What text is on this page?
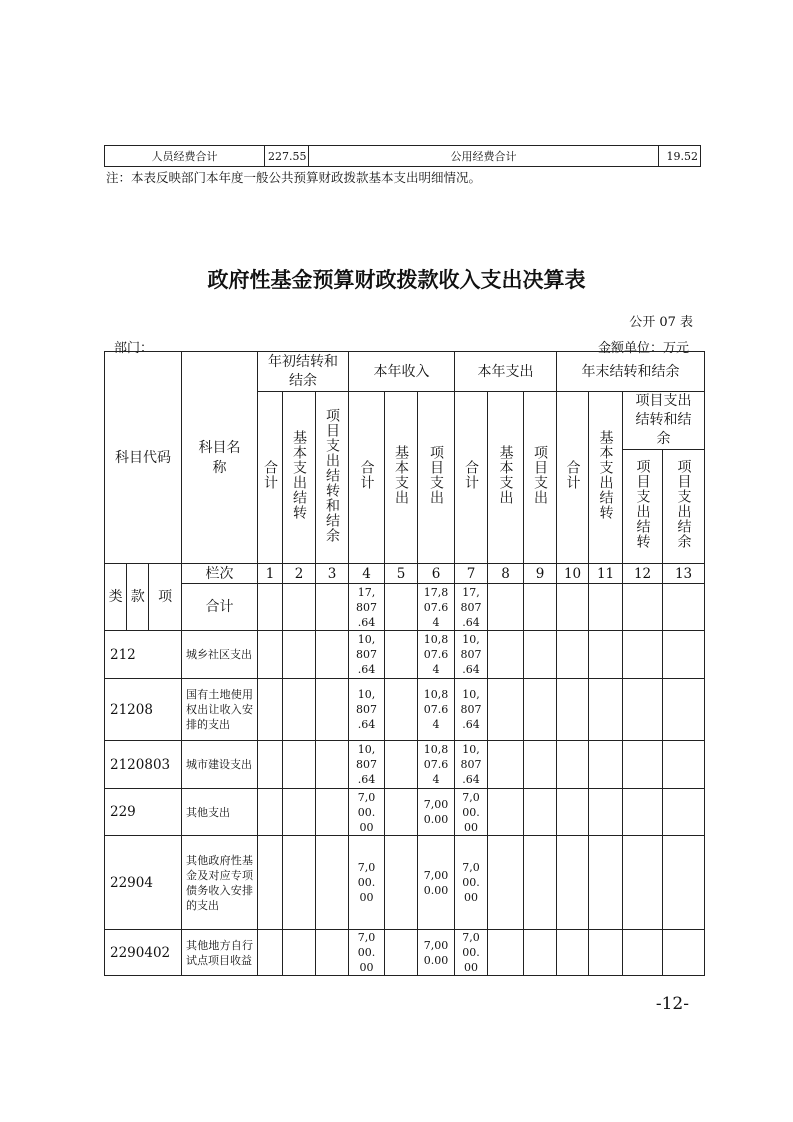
人员经费合计	227.55	公用经费合计	19.52
注：本表反映部门本年度一般公共预算财政拨款基本支出明细情况。
政府性基金预算财政拨款收入支出决算表
公开 07 表
部门：	金额单位：万元
科目代码	科目名称	年初结转和结余			本年收入			本年支出			年末结转和结余			
		合计	基本支出结转	项目支出结转和结余	合计	基本支出	项目支出	合计	基本支出	项目支出	合计	基本支出结转	项目支出结转和结余	

													项目支出结转	项目支出结余

类 款 项	栏次	1	2	3	4	5	6	7	8	9	10	11	12	13
	合计				17,
807
.64		17,8
07.6
4	17,
807
.64						

212	城乡社区支出				10,
807
.64		10,8
07.6
4	10,
807
.64						

21208	国有土地使用权出让收入安排的支出				10,
807
.64		10,8
07.6
4	10,
807
.64						

2120803	城市建设支出				10,
807
.64		10,8
07.6
4	10,
807
.64						

229	其他支出				7,0
00.
00		7,00
0.00	7,0
00.
00						

22904	其他政府性基金及对应专项债务收入安排的支出				7,0
00.
00		7,00
0.00	7,0
00.
00						

2290402	其他地方自行试点项目收益				7,0
00.
00		7,00
0.00	7,0
00.
00						

-12-
